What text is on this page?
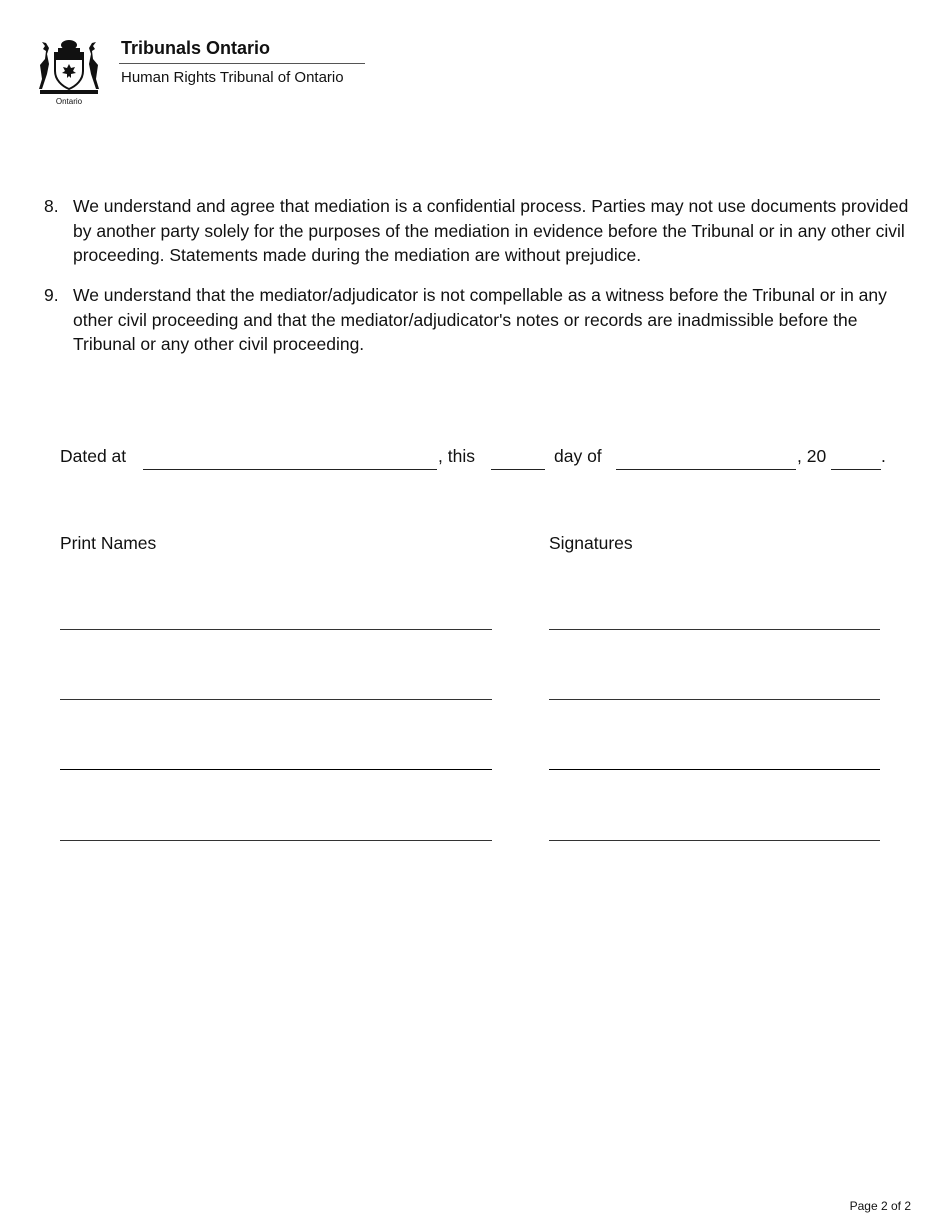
Ontario
Tribunals Ontario
Human Rights Tribunal of Ontario
8. We understand and agree that mediation is a confidential process. Parties may not use documents provided by another party solely for the purposes of the mediation in evidence before the Tribunal or in any other civil proceeding. Statements made during the mediation are without prejudice.
9. We understand that the mediator/adjudicator is not compellable as a witness before the Tribunal or in any other civil proceeding and that the mediator/adjudicator's notes or records are inadmissible before the Tribunal or any other civil proceeding.
Dated at	, this	day of	, 20	.
Print Names	Signatures
Page 2 of 2
